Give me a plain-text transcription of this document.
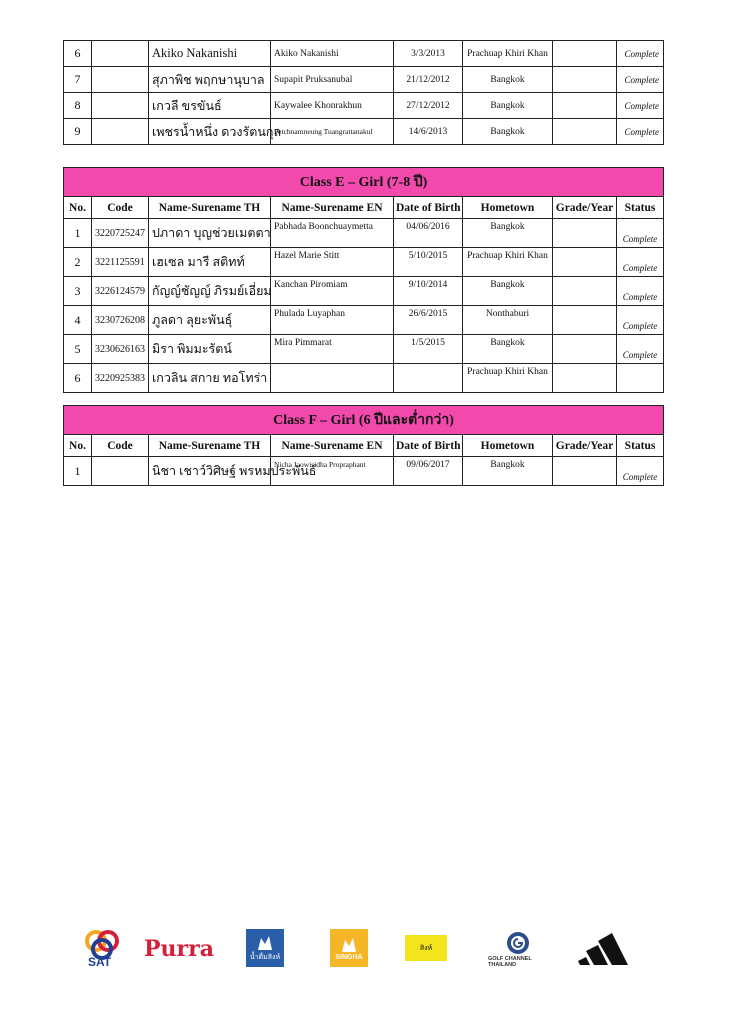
6		Akiko Nakanishi	Akiko Nakanishi	3/3/2013	Prachuap Khiri Khan		Complete
7		สุภาพิช พฤกษานุบาล	Supapit Pruksanubal	21/12/2012	Bangkok		Complete
8		เกวลี ขรขันธ์	Kaywalee Khonrakhun	27/12/2012	Bangkok		Complete
9		เพชรน้ำหนึ่ง ดวงรัตนกุล	Petchnamneung Tuangrattanakul	14/6/2013	Bangkok		Complete
Class E – Girl (7-8 ปี)							
No.	Code	Name-Surename TH	Name-Surename EN	Date of Birth	Hometown	Grade/Year	Status
1	3220725247	ปภาดา บุญช่วยเมตตา	Pabhada Boonchuaymetta	04/06/2016	Bangkok		Complete
2	3221125591	เฮเซล มารี สติทท์	Hazel Marie Stitt	5/10/2015	Prachuap Khiri Khan		Complete
3	3226124579	กัญญ์ชัญญ์ ภิรมย์เอี่ยม	Kanchan Piromiam	9/10/2014	Bangkok		Complete
4	3230726208	ภูลดา ลุยะพันธุ์	Phulada Luyaphan	26/6/2015	Nonthaburi		Complete
5	3230626163	มิรา พิมมะรัตน์	Mira Pimmarat	1/5/2015	Bangkok		Complete
6	3220925383	เกวลิน สกาย ทอโทร่า			Prachuap Khiri Khan		
Class F – Girl (6 ปีและต่ำกว่า)							
No.	Code	Name-Surename TH	Name-Surename EN	Date of Birth	Hometown	Grade/Year	Status
1		นิชา เชาว์วิศิษฐ์ พรหมประพันธ์	Nicha Jaowisidha Propraphant	09/06/2017	Bangkok		Complete
SAT Purra	น้ำดื่มสิงห์	SINGHA
สิงห์
GOLF CHANNEL THAILAND
